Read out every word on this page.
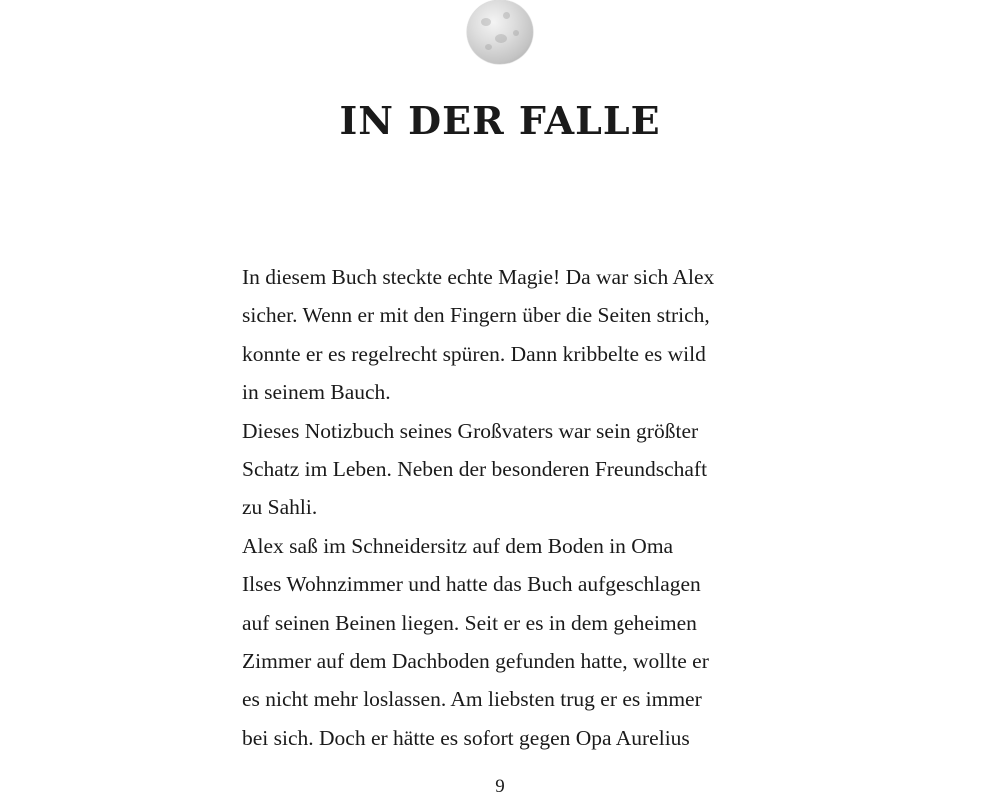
IN DER FALLE
In diesem Buch steckte echte Magie! Da war sich Alex
sicher. Wenn er mit den Fingern über die Seiten strich,
konnte er es regelrecht spüren. Dann kribbelte es wild
in seinem Bauch.
Dieses Notizbuch seines Großvaters war sein größter
Schatz im Leben. Neben der besonderen Freundschaft
zu Sahli.
Alex saß im Schneidersitz auf dem Boden in Oma
Ilses Wohnzimmer und hatte das Buch aufgeschlagen
auf seinen Beinen liegen. Seit er es in dem geheimen
Zimmer auf dem Dachboden gefunden hatte, wollte er
es nicht mehr loslassen. Am liebsten trug er es immer
bei sich. Doch er hätte es sofort gegen Opa Aurelius
9
